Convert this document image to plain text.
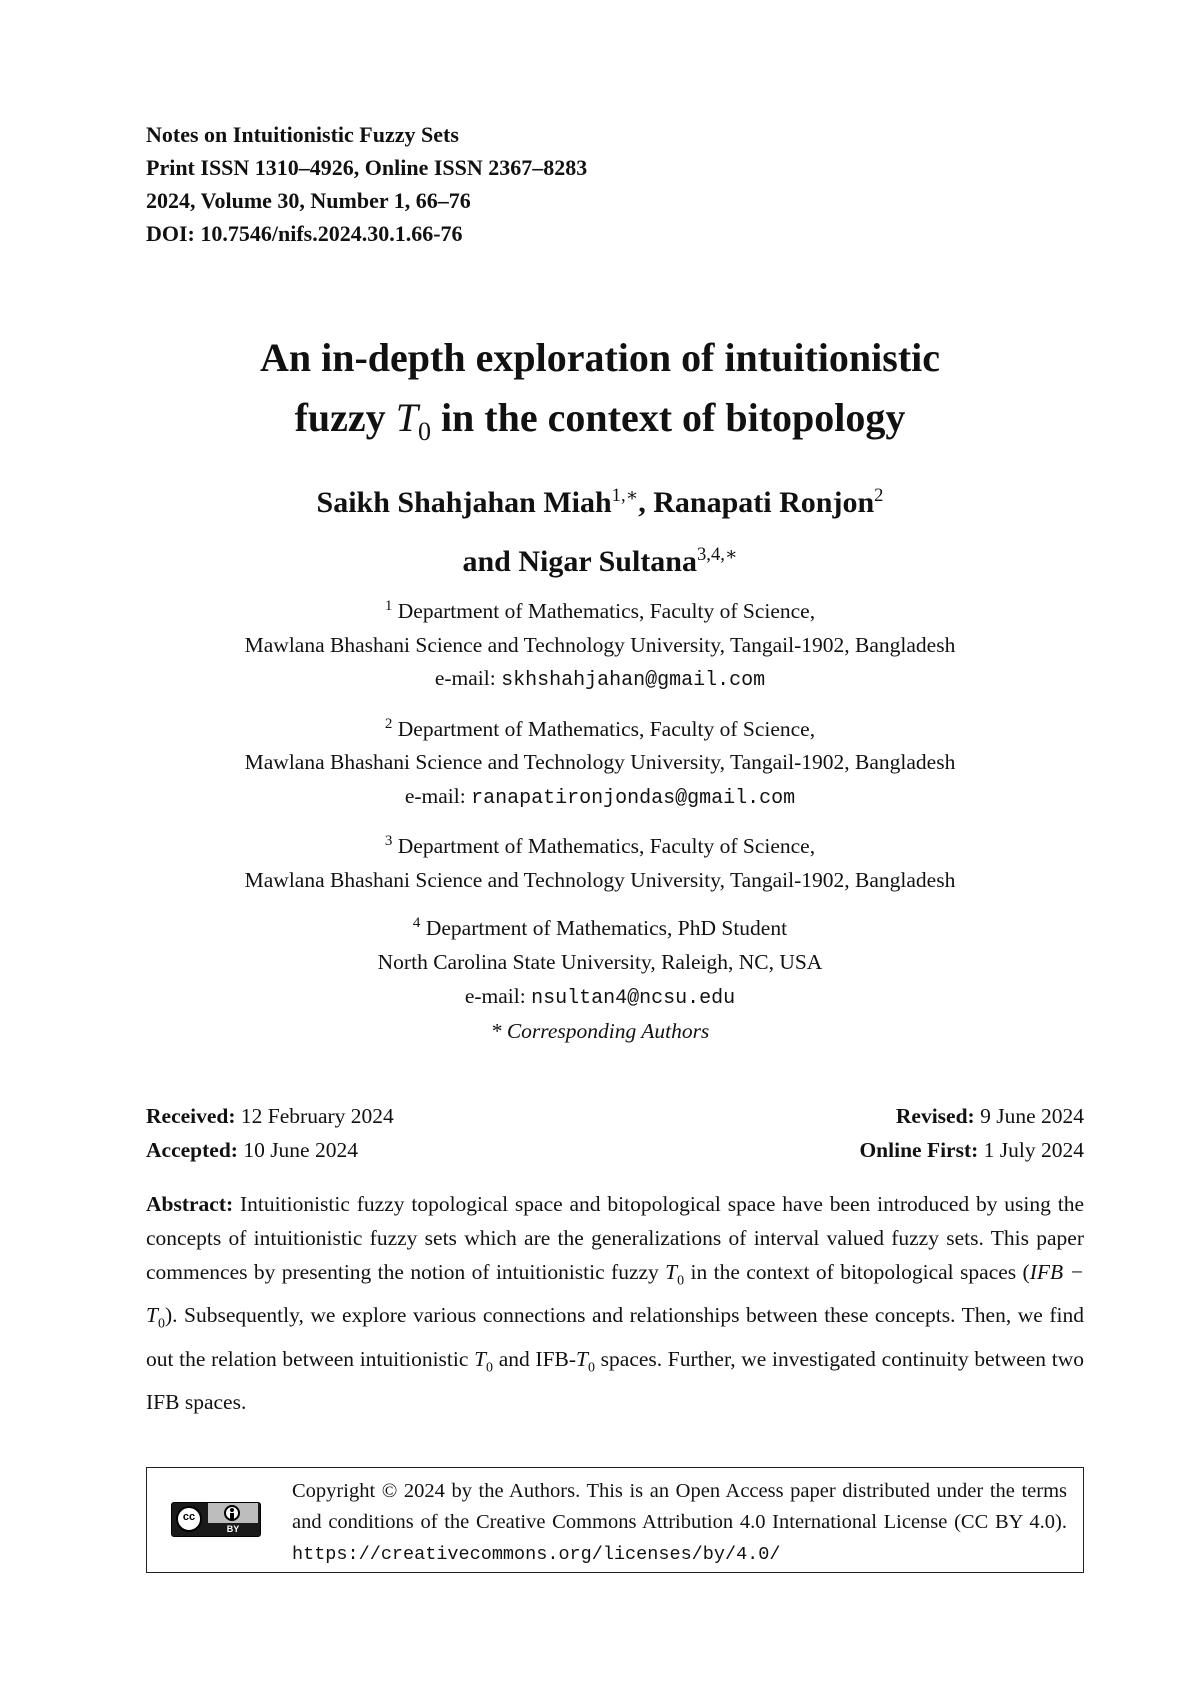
Notes on Intuitionistic Fuzzy Sets
Print ISSN 1310–4926, Online ISSN 2367–8283
2024, Volume 30, Number 1, 66–76
DOI: 10.7546/nifs.2024.30.1.66-76
An in-depth exploration of intuitionistic
fuzzy $T_0$ in the context of bitopology
Saikh Shahjahan Miah$^{1,∗}$, Ranapati Ronjon$^2$
and Nigar Sultana$^{3,4,∗}$
$^1$ Department of Mathematics, Faculty of Science,
Mawlana Bhashani Science and Technology University, Tangail-1902, Bangladesh
e-mail: skhshahjahan@gmail.com
$^2$ Department of Mathematics, Faculty of Science,
Mawlana Bhashani Science and Technology University, Tangail-1902, Bangladesh
e-mail: ranapatironjondas@gmail.com
$^3$ Department of Mathematics, Faculty of Science,
Mawlana Bhashani Science and Technology University, Tangail-1902, Bangladesh
$^4$ Department of Mathematics, PhD Student
North Carolina State University, Raleigh, NC, USA
e-mail: nsultan4@ncsu.edu
* Corresponding Authors
Received: 12 February 2024	Revised: 9 June 2024
Accepted: 10 June 2024	Online First: 1 July 2024
Abstract: Intuitionistic fuzzy topological space and bitopological space have been introduced by using the concepts of intuitionistic fuzzy sets which are the generalizations of interval valued fuzzy sets. This paper commences by presenting the notion of intuitionistic fuzzy $T_0$ in the context of bitopological spaces $(IFB - T_0)$. Subsequently, we explore various connections and relationships between these concepts. Then, we find out the relation between intuitionistic $T_0$ and IFB-$T_0$ spaces. Further, we investigated continuity between two IFB spaces.
cc
BY
Copyright © 2024 by the Authors. This is an Open Access paper distributed under the terms and conditions of the Creative Commons Attribution 4.0 International License (CC BY 4.0). https://creativecommons.org/licenses/by/4.0/
